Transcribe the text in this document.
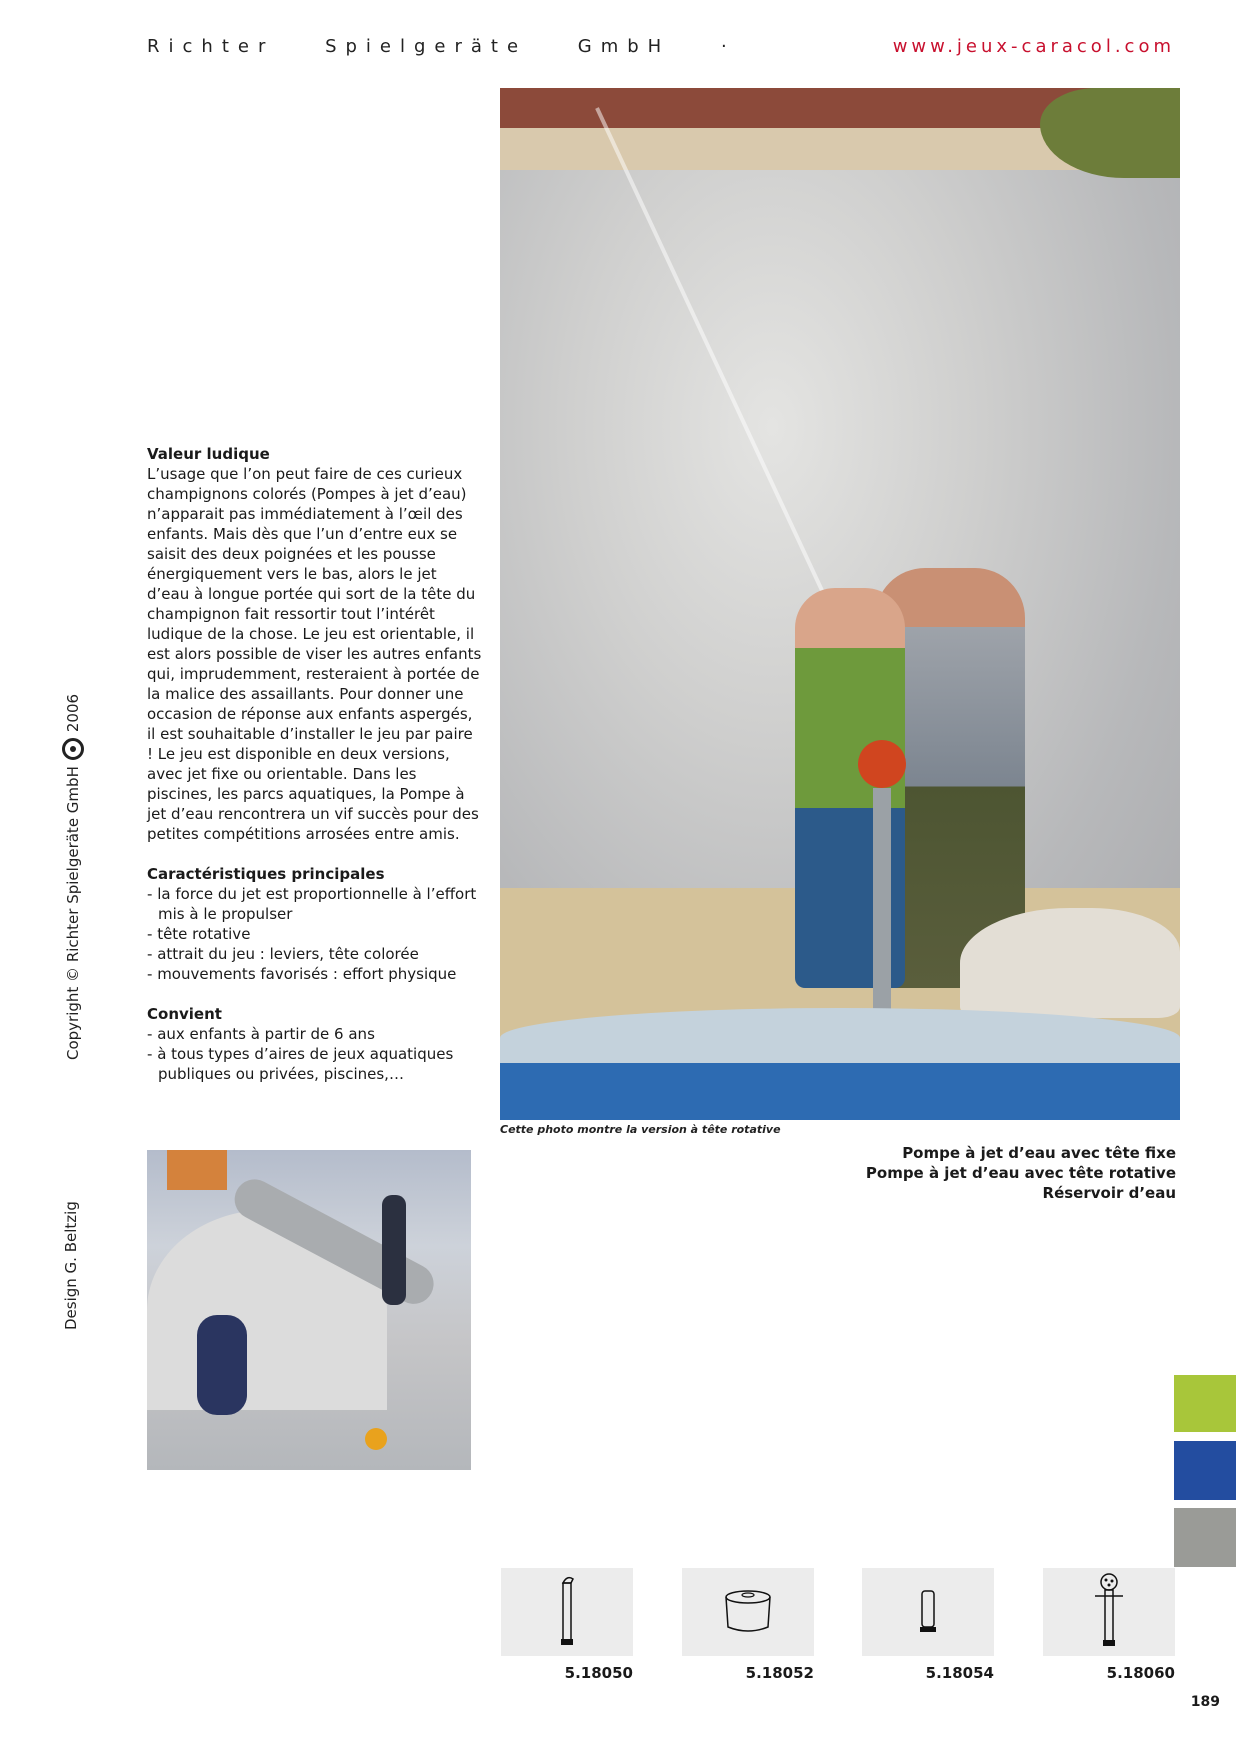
Richter Spielgeräte GmbH ·	www.jeux-caracol.com
Copyright © Richter Spielgeräte GmbH
2006
Design G. Beltzig

Valeur ludique

L’usage que l’on peut faire de ces curieux champignons colorés (Pompes à jet d’eau) n’apparait pas immédiatement à l’œil des enfants. Mais dès que l’un d’entre eux se saisit des deux poignées et les pousse énergiquement vers le bas, alors le jet d’eau à longue portée qui sort de la tête du champignon fait ressortir tout l’intérêt ludique de la chose. Le jeu est orientable, il est alors possible de viser les autres enfants qui, imprudemment, resteraient à portée de la malice des assaillants. Pour donner une occasion de réponse aux enfants aspergés, il est souhaitable d’installer le jeu par paire ! Le jeu est disponible en deux versions, avec jet fixe ou orientable. Dans les piscines, les parcs aquatiques, la Pompe à jet d’eau rencontrera un vif succès pour des petites compétitions arrosées entre amis.

Caractéristiques principales

- la force du jet est proportionnelle à l’effort mis à le propulser
- tête rotative
- attrait du jeu : leviers, tête colorée
- mouvements favorisés : effort physique

Convient

- aux enfants à partir de 6 ans
- à tous types d’aires de jeux aquatiques publiques ou privées, piscines,…
Cette photo montre la version à tête rotative
Pompe à jet d’eau avec tête fixe
Pompe à jet d’eau avec tête rotative
Réservoir d’eau
5.18050	5.18052	5.18054	5.18060
189
